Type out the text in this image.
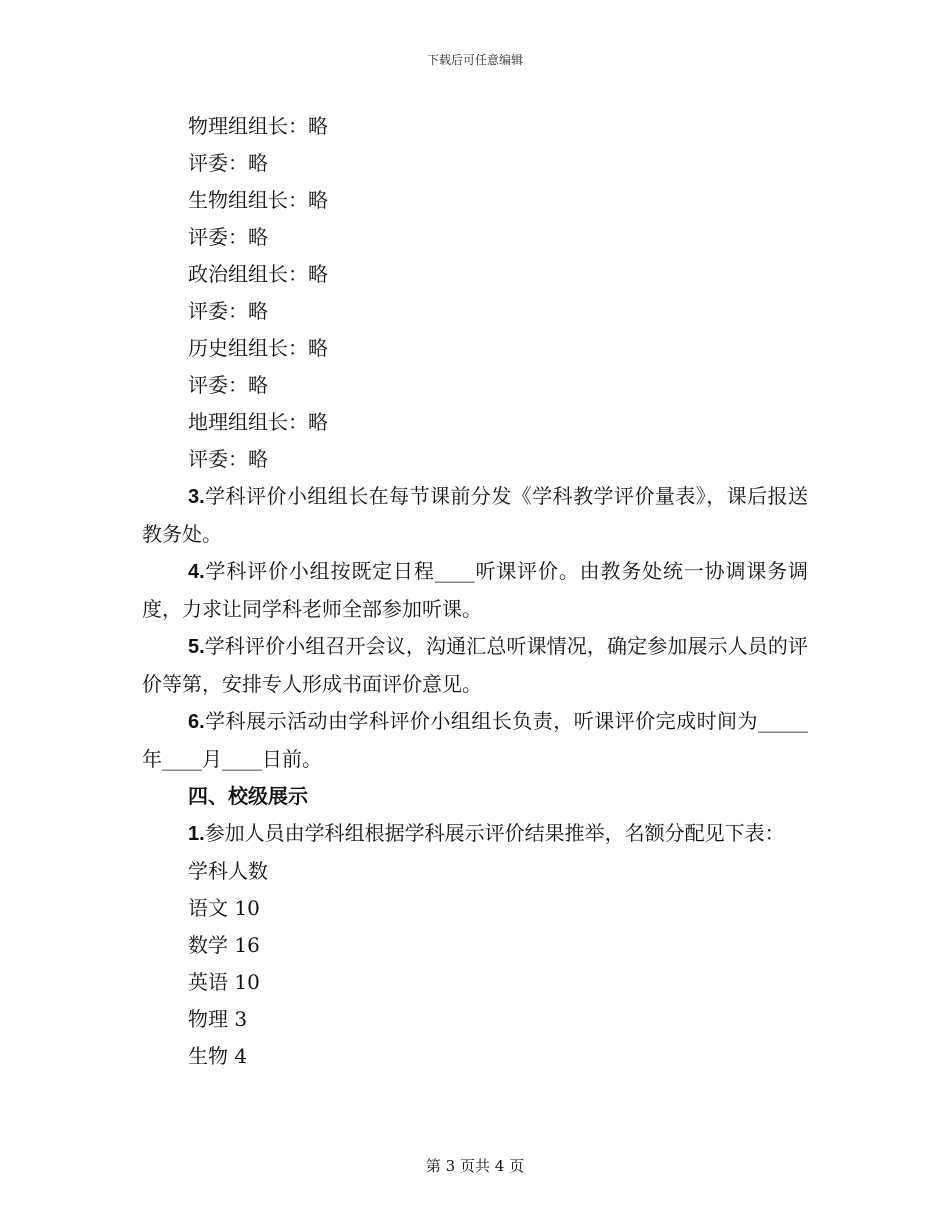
下载后可任意编辑

物理组组长：略

评委：略

生物组组长：略

评委：略

政治组组长：略

评委：略

历史组组长：略

评委：略

地理组组长：略

评委：略

3.学科评价小组组长在每节课前分发《学科教学评价量表》，课后报送教务处。

4.学科评价小组按既定日程____听课评价。由教务处统一协调课务调度，力求让同学科老师全部参加听课。

5.学科评价小组召开会议，沟通汇总听课情况，确定参加展示人员的评价等第，安排专人形成书面评价意见。

6.学科展示活动由学科评价小组组长负责，听课评价完成时间为_____年____月____日前。

四、校级展示

1.参加人员由学科组根据学科展示评价结果推举，名额分配见下表：

学科人数

语文 10

数学 16

英语 10

物理 3

生物 4

第 3 页共 4 页
